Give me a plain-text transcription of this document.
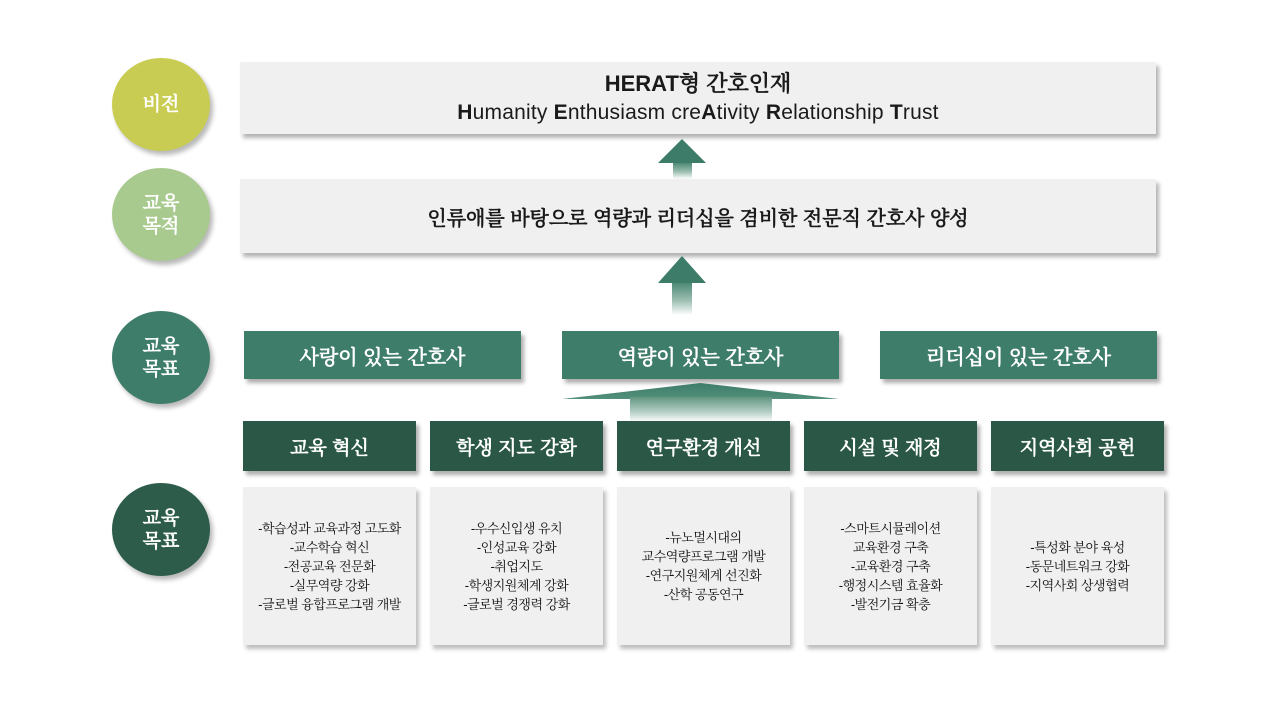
비전
교육
목적
교육
목표
교육
목표
HERAT형 간호인재
Humanity Enthusiasm creAtivity Relationship Trust
인류애를 바탕으로 역량과 리더십을 겸비한 전문직 간호사 양성
사랑이 있는 간호사	역량이 있는 간호사	리더십이 있는 간호사
교육 혁신	학생 지도 강화	연구환경 개선	시설 및 재정	지역사회 공헌
-학습성과 교육과정 고도화
-교수학습 혁신
-전공교육 전문화
-실무역량 강화
-글로벌 융합프로그램 개발
-우수신입생 유치
-인성교육 강화
-취업지도
-학생지원체계 강화
-글로벌 경쟁력 강화
-뉴노멀시대의
교수역량프로그램 개발
-연구지원체계 선진화
-산학 공동연구
-스마트시뮬레이션
교육환경 구축
-교육환경 구축
-행정시스템 효율화
-발전기금 확충
-특성화 분야 육성
-동문네트워크 강화
-지역사회 상생협력
